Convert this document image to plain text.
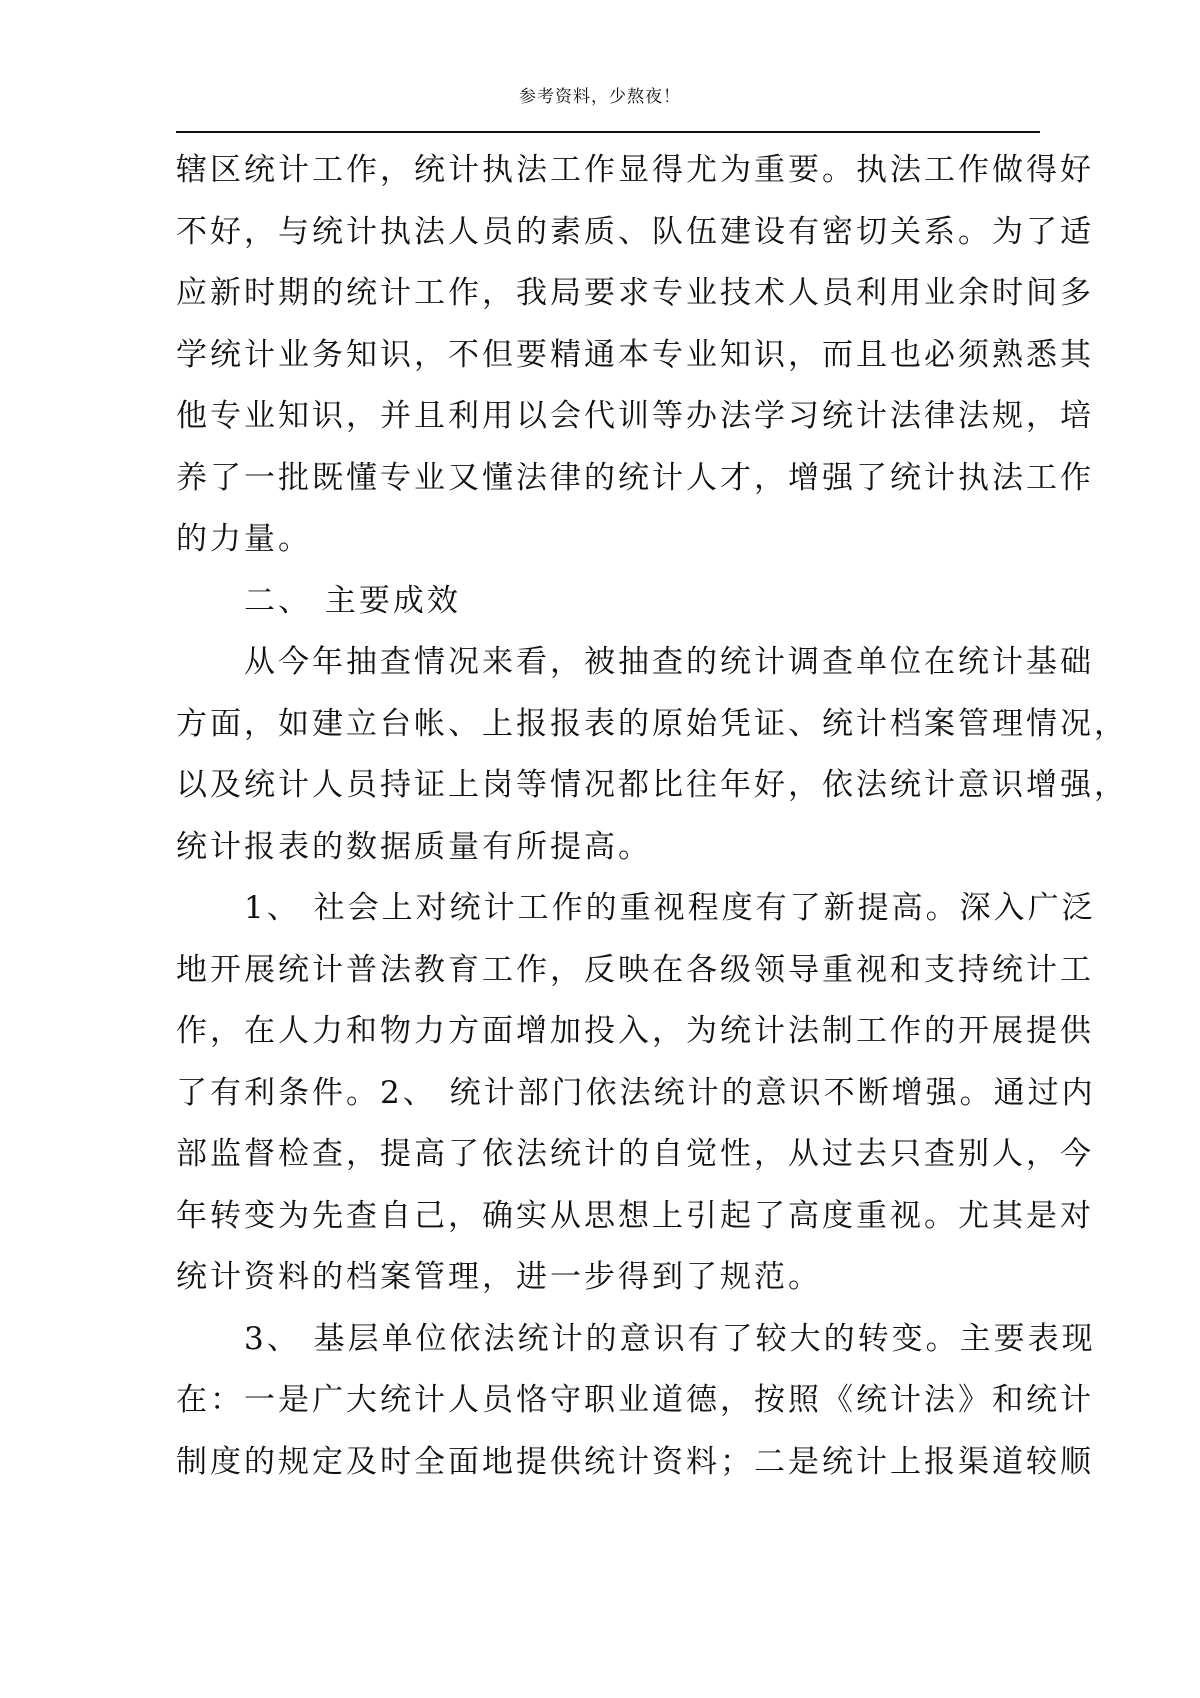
参考资料，少熬夜！
辖区统计工作，统计执法工作显得尤为重要。执法工作做得好
不好，与统计执法人员的素质、队伍建设有密切关系。为了适
应新时期的统计工作，我局要求专业技术人员利用业余时间多
学统计业务知识，不但要精通本专业知识，而且也必须熟悉其
他专业知识，并且利用以会代训等办法学习统计法律法规，培
养了一批既懂专业又懂法律的统计人才，增强了统计执法工作
的力量。
　　二、 主要成效
　　从今年抽查情况来看，被抽查的统计调查单位在统计基础
方面，如建立台帐、上报报表的原始凭证、统计档案管理情况，
以及统计人员持证上岗等情况都比往年好，依法统计意识增强，
统计报表的数据质量有所提高。
　　1、 社会上对统计工作的重视程度有了新提高。深入广泛
地开展统计普法教育工作，反映在各级领导重视和支持统计工
作，在人力和物力方面增加投入，为统计法制工作的开展提供
了有利条件。2、 统计部门依法统计的意识不断增强。通过内
部监督检查，提高了依法统计的自觉性，从过去只查别人，今
年转变为先查自己，确实从思想上引起了高度重视。尤其是对
统计资料的档案管理，进一步得到了规范。
　　3、 基层单位依法统计的意识有了较大的转变。主要表现
在：一是广大统计人员恪守职业道德，按照《统计法》和统计
制度的规定及时全面地提供统计资料；二是统计上报渠道较顺
